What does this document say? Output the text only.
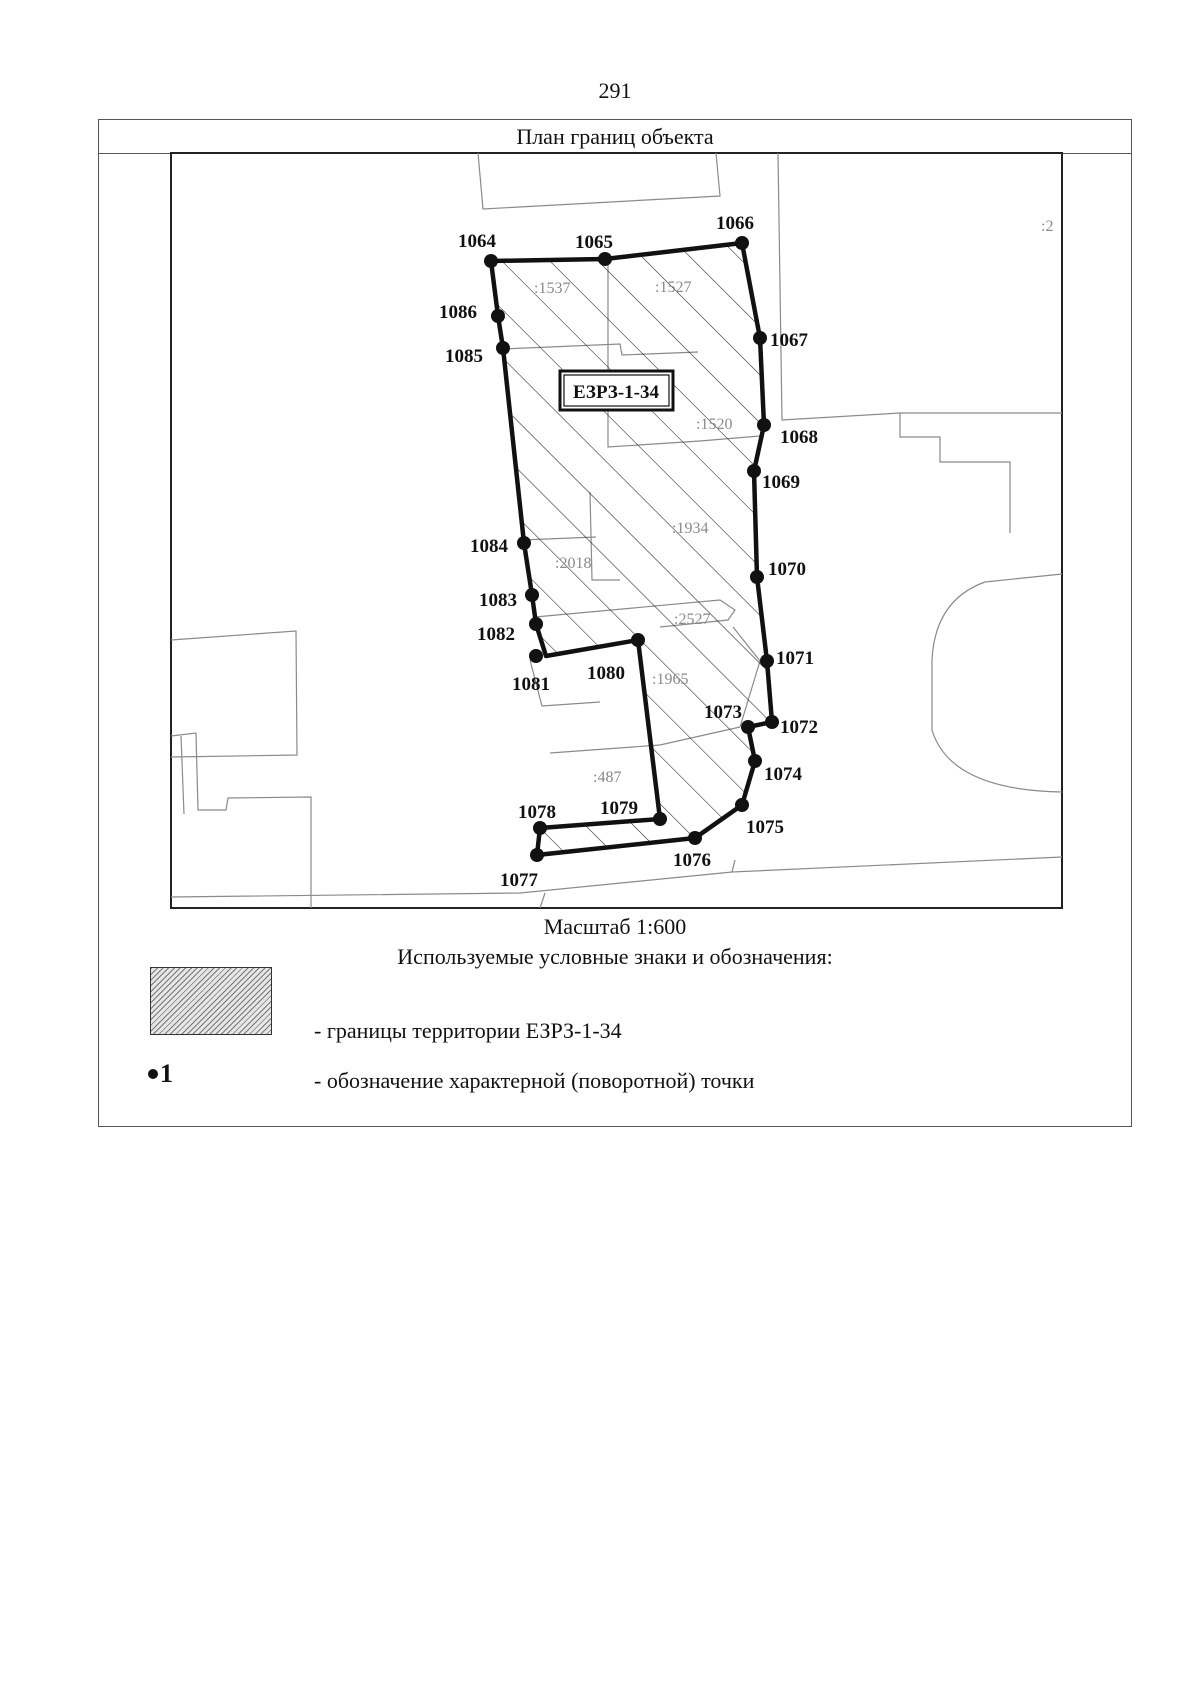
291
План границ объекта
:1537	:1527
:1520
:1934
:2018
:2527
:1965
:487
:2
ЕЗРЗ-1-34
1064	1065
1066
1067
1068
1069
1070
1071
1072
1073
1074
1075
1076
1077
1078 1079
1080
1081
1082
1083
1084
1085
1086
Масштаб 1:600
Используемые условные знаки и обозначения:
- границы территории ЕЗРЗ-1-34
1	- обозначение характерной (поворотной) точки
